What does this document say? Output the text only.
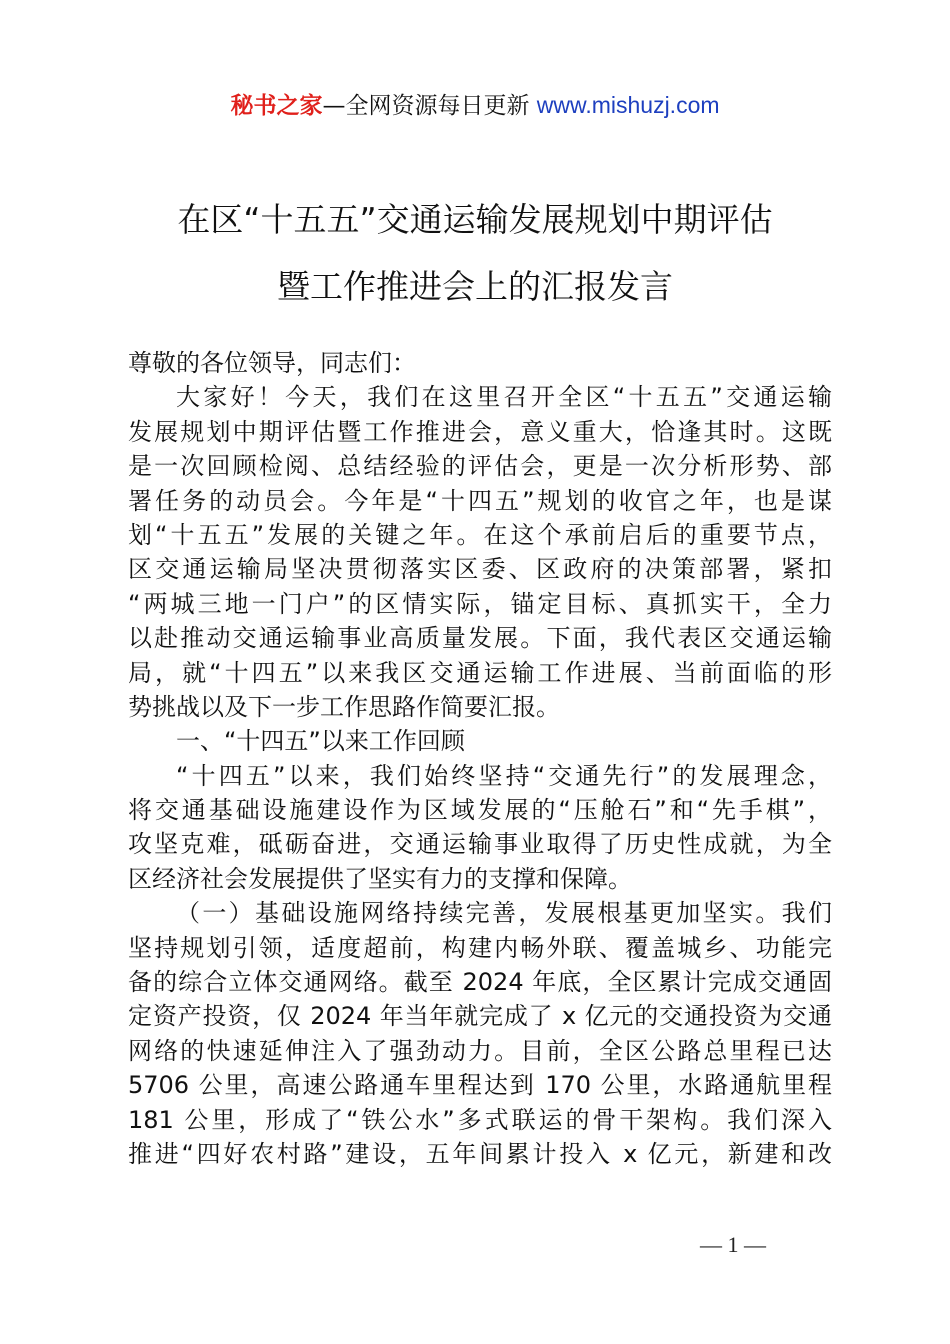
秘书之家—全网资源每日更新 www.mishuzj.com
在区“十五五”交通运输发展规划中期评估
暨工作推进会上的汇报发言
尊敬的各位领导，同志们：
大家好！今天，我们在这里召开全区“十五五”交通运输
发展规划中期评估暨工作推进会，意义重大，恰逢其时。这既
是一次回顾检阅、总结经验的评估会，更是一次分析形势、部
署任务的动员会。今年是“十四五”规划的收官之年，也是谋
划“十五五”发展的关键之年。在这个承前启后的重要节点，
区交通运输局坚决贯彻落实区委、区政府的决策部署，紧扣
“两城三地一门户”的区情实际，锚定目标、真抓实干，全力
以赴推动交通运输事业高质量发展。下面，我代表区交通运输
局，就“十四五”以来我区交通运输工作进展、当前面临的形
势挑战以及下一步工作思路作简要汇报。
一、“十四五”以来工作回顾
“十四五”以来，我们始终坚持“交通先行”的发展理念，
将交通基础设施建设作为区域发展的“压舱石”和“先手棋”，
攻坚克难，砥砺奋进，交通运输事业取得了历史性成就，为全
区经济社会发展提供了坚实有力的支撑和保障。
（一）基础设施网络持续完善，发展根基更加坚实。我们
坚持规划引领，适度超前，构建内畅外联、覆盖城乡、功能完
备的综合立体交通网络。截至 2024 年底，全区累计完成交通固
定资产投资，仅 2024 年当年就完成了 x 亿元的交通投资为交通
网络的快速延伸注入了强劲动力。目前，全区公路总里程已达
5706 公里，高速公路通车里程达到 170 公里，水路通航里程
181 公里，形成了“铁公水”多式联运的骨干架构。我们深入
推进“四好农村路”建设，五年间累计投入 x 亿元，新建和改
— 1 —
